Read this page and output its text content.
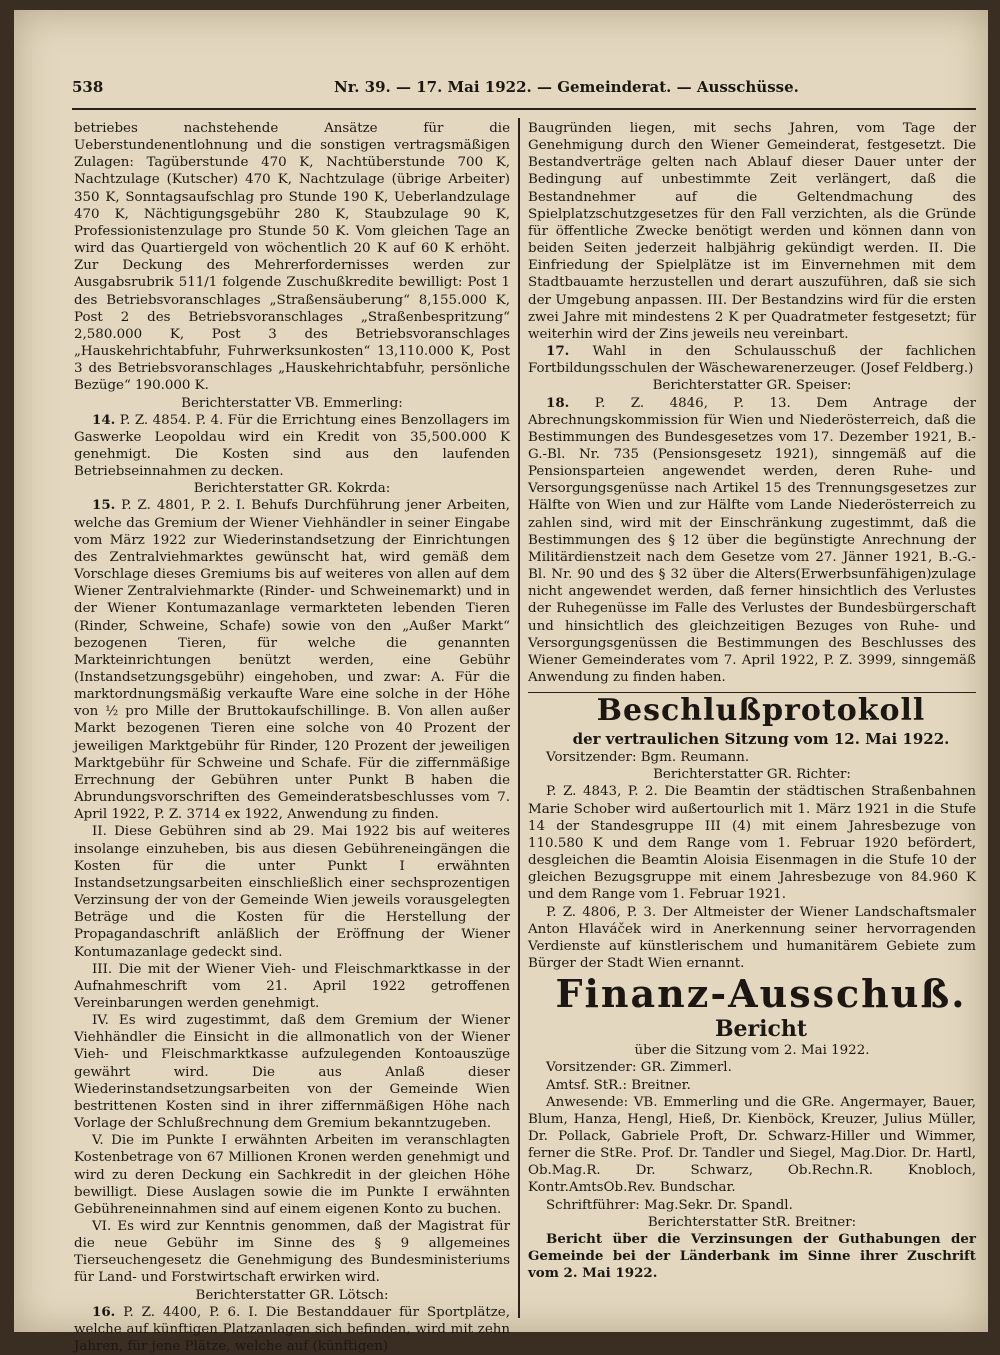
538	Nr. 39. — 17. Mai 1922. — Gemeinderat. — Ausschüsse.

betriebes nachstehende Ansätze für die Ueberstundenentlohnung und die sonstigen vertragsmäßigen Zulagen: Tagüberstunde 470 K, Nachtüberstunde 700 K, Nachtzulage (Kutscher) 470 K, Nachtzulage (übrige Arbeiter) 350 K, Sonntagsaufschlag pro Stunde 190 K, Ueberlandzulage 470 K, Nächtigungsgebühr 280 K, Staubzulage 90 K, Professionistenzulage pro Stunde 50 K. Vom gleichen Tage an wird das Quartiergeld von wöchentlich 20 K auf 60 K erhöht. Zur Deckung des Mehrerfordernisses werden zur Ausgabsrubrik 511/1 folgende Zuschußkredite bewilligt: Post 1 des Betriebsvoranschlages „Straßensäuberung“ 8,155.000 K, Post 2 des Betriebsvoranschlages „Straßenbespritzung“ 2,580.000 K, Post 3 des Betriebsvoranschlages „Hauskehrichtabfuhr, Fuhrwerksunkosten“ 13,110.000 K, Post 3 des Betriebsvoranschlages „Hauskehrichtabfuhr, persönliche Bezüge“ 190.000 K.

Berichterstatter VB. Emmerling:

14. P. Z. 4854. P. 4. Für die Errichtung eines Benzollagers im Gaswerke Leopoldau wird ein Kredit von 35,500.000 K genehmigt. Die Kosten sind aus den laufenden Betriebseinnahmen zu decken.

Berichterstatter GR. Kokrda:

15. P. Z. 4801, P. 2. I. Behufs Durchführung jener Arbeiten, welche das Gremium der Wiener Viehhändler in seiner Eingabe vom März 1922 zur Wiederinstandsetzung der Einrichtungen des Zentralviehmarktes gewünscht hat, wird gemäß dem Vorschlage dieses Gremiums bis auf weiteres von allen auf dem Wiener Zentralviehmarkte (Rinder- und Schweinemarkt) und in der Wiener Kontumazanlage vermarkteten lebenden Tieren (Rinder, Schweine, Schafe) sowie von den „Außer Markt“ bezogenen Tieren, für welche die genannten Markteinrichtungen benützt werden, eine Gebühr (Instandsetzungsgebühr) eingehoben, und zwar: A. Für die marktordnungsmäßig verkaufte Ware eine solche in der Höhe von ½ pro Mille der Bruttokaufschillinge. B. Von allen außer Markt bezogenen Tieren eine solche von 40 Prozent der jeweiligen Marktgebühr für Rinder, 120 Prozent der jeweiligen Marktgebühr für Schweine und Schafe. Für die ziffernmäßige Errechnung der Gebühren unter Punkt B haben die Abrundungsvorschriften des Gemeinderatsbeschlusses vom 7. April 1922, P. Z. 3714 ex 1922, Anwendung zu finden.

II. Diese Gebühren sind ab 29. Mai 1922 bis auf weiteres insolange einzuheben, bis aus diesen Gebühreneingängen die Kosten für die unter Punkt I erwähnten Instandsetzungsarbeiten einschließlich einer sechsprozentigen Verzinsung der von der Gemeinde Wien jeweils vorausgelegten Beträge und die Kosten für die Herstellung der Propagandaschrift anläßlich der Eröffnung der Wiener Kontumazanlage gedeckt sind.

III. Die mit der Wiener Vieh- und Fleischmarktkasse in der Aufnahmeschrift vom 21. April 1922 getroffenen Vereinbarungen werden genehmigt.

IV. Es wird zugestimmt, daß dem Gremium der Wiener Viehhändler die Einsicht in die allmonatlich von der Wiener Vieh- und Fleischmarktkasse aufzulegenden Kontoauszüge gewährt wird. Die aus Anlaß dieser Wiederinstandsetzungsarbeiten von der Gemeinde Wien bestrittenen Kosten sind in ihrer ziffernmäßigen Höhe nach Vorlage der Schlußrechnung dem Gremium bekanntzugeben.

V. Die im Punkte I erwähnten Arbeiten im veranschlagten Kostenbetrage von 67 Millionen Kronen werden genehmigt und wird zu deren Deckung ein Sachkredit in der gleichen Höhe bewilligt. Diese Auslagen sowie die im Punkte I erwähnten Gebühreneinnahmen sind auf einem eigenen Konto zu buchen.

VI. Es wird zur Kenntnis genommen, daß der Magistrat für die neue Gebühr im Sinne des § 9 allgemeines Tierseuchengesetz die Genehmigung des Bundesministeriums für Land- und Forstwirtschaft erwirken wird.

Berichterstatter GR. Lötsch:

16. P. Z. 4400, P. 6. I. Die Bestanddauer für Sportplätze, welche auf künftigen Platzanlagen sich befinden, wird mit zehn Jahren, für jene Plätze, welche auf (künftigen)

Baugründen liegen, mit sechs Jahren, vom Tage der Genehmigung durch den Wiener Gemeinderat, festgesetzt. Die Bestandverträge gelten nach Ablauf dieser Dauer unter der Bedingung auf unbestimmte Zeit verlängert, daß die Bestandnehmer auf die Geltendmachung des Spielplatzschutzgesetzes für den Fall verzichten, als die Gründe für öffentliche Zwecke benötigt werden und können dann von beiden Seiten jederzeit halbjährig gekündigt werden. II. Die Einfriedung der Spielplätze ist im Einvernehmen mit dem Stadtbauamte herzustellen und derart auszuführen, daß sie sich der Umgebung anpassen. III. Der Bestandzins wird für die ersten zwei Jahre mit mindestens 2 K per Quadratmeter festgesetzt; für weiterhin wird der Zins jeweils neu vereinbart.

17. Wahl in den Schulausschuß der fachlichen Fortbildungsschulen der Wäschewarenerzeuger. (Josef Feldberg.)

Berichterstatter GR. Speiser:

18. P. Z. 4846, P. 13. Dem Antrage der Abrechnungskommission für Wien und Niederösterreich, daß die Bestimmungen des Bundesgesetzes vom 17. Dezember 1921, B.-G.-Bl. Nr. 735 (Pensionsgesetz 1921), sinngemäß auf die Pensionsparteien angewendet werden, deren Ruhe- und Versorgungsgenüsse nach Artikel 15 des Trennungsgesetzes zur Hälfte von Wien und zur Hälfte vom Lande Niederösterreich zu zahlen sind, wird mit der Einschränkung zugestimmt, daß die Bestimmungen des § 12 über die begünstigte Anrechnung der Militärdienstzeit nach dem Gesetze vom 27. Jänner 1921, B.-G.-Bl. Nr. 90 und des § 32 über die Alters(Erwerbsunfähigen)zulage nicht angewendet werden, daß ferner hinsichtlich des Verlustes der Ruhegenüsse im Falle des Verlustes der Bundesbürgerschaft und hinsichtlich des gleichzeitigen Bezuges von Ruhe- und Versorgungsgenüssen die Bestimmungen des Beschlusses des Wiener Gemeinderates vom 7. April 1922, P. Z. 3999, sinngemäß Anwendung zu finden haben.

Beschlußprotokoll

der vertraulichen Sitzung vom 12. Mai 1922.

Vorsitzender: Bgm. Reumann.

Berichterstatter GR. Richter:

P. Z. 4843, P. 2. Die Beamtin der städtischen Straßenbahnen Marie Schober wird außertourlich mit 1. März 1921 in die Stufe 14 der Standesgruppe III (4) mit einem Jahresbezuge von 110.580 K und dem Range vom 1. Februar 1920 befördert, desgleichen die Beamtin Aloisia Eisenmagen in die Stufe 10 der gleichen Bezugsgruppe mit einem Jahresbezuge von 84.960 K und dem Range vom 1. Februar 1921.

P. Z. 4806, P. 3. Der Altmeister der Wiener Landschaftsmaler Anton Hlaváček wird in Anerkennung seiner hervorragenden Verdienste auf künstlerischem und humanitärem Gebiete zum Bürger der Stadt Wien ernannt.

Finanz-Ausschuß.

Bericht

über die Sitzung vom 2. Mai 1922.

Vorsitzender: GR. Zimmerl.

Amtsf. StR.: Breitner.

Anwesende: VB. Emmerling und die GRe. Angermayer, Bauer, Blum, Hanza, Hengl, Hieß, Dr. Kienböck, Kreuzer, Julius Müller, Dr. Pollack, Gabriele Proft, Dr. Schwarz-Hiller und Wimmer, ferner die StRe. Prof. Dr. Tandler und Siegel, Mag.Dior. Dr. Hartl, Ob.Mag.R. Dr. Schwarz, Ob.Rechn.R. Knobloch, Kontr.AmtsOb.Rev. Bundschar.

Schriftführer: Mag.Sekr. Dr. Spandl.

Berichterstatter StR. Breitner:

Bericht über die Verzinsungen der Guthabungen der Gemeinde bei der Länderbank im Sinne ihrer Zuschrift vom 2. Mai 1922.
